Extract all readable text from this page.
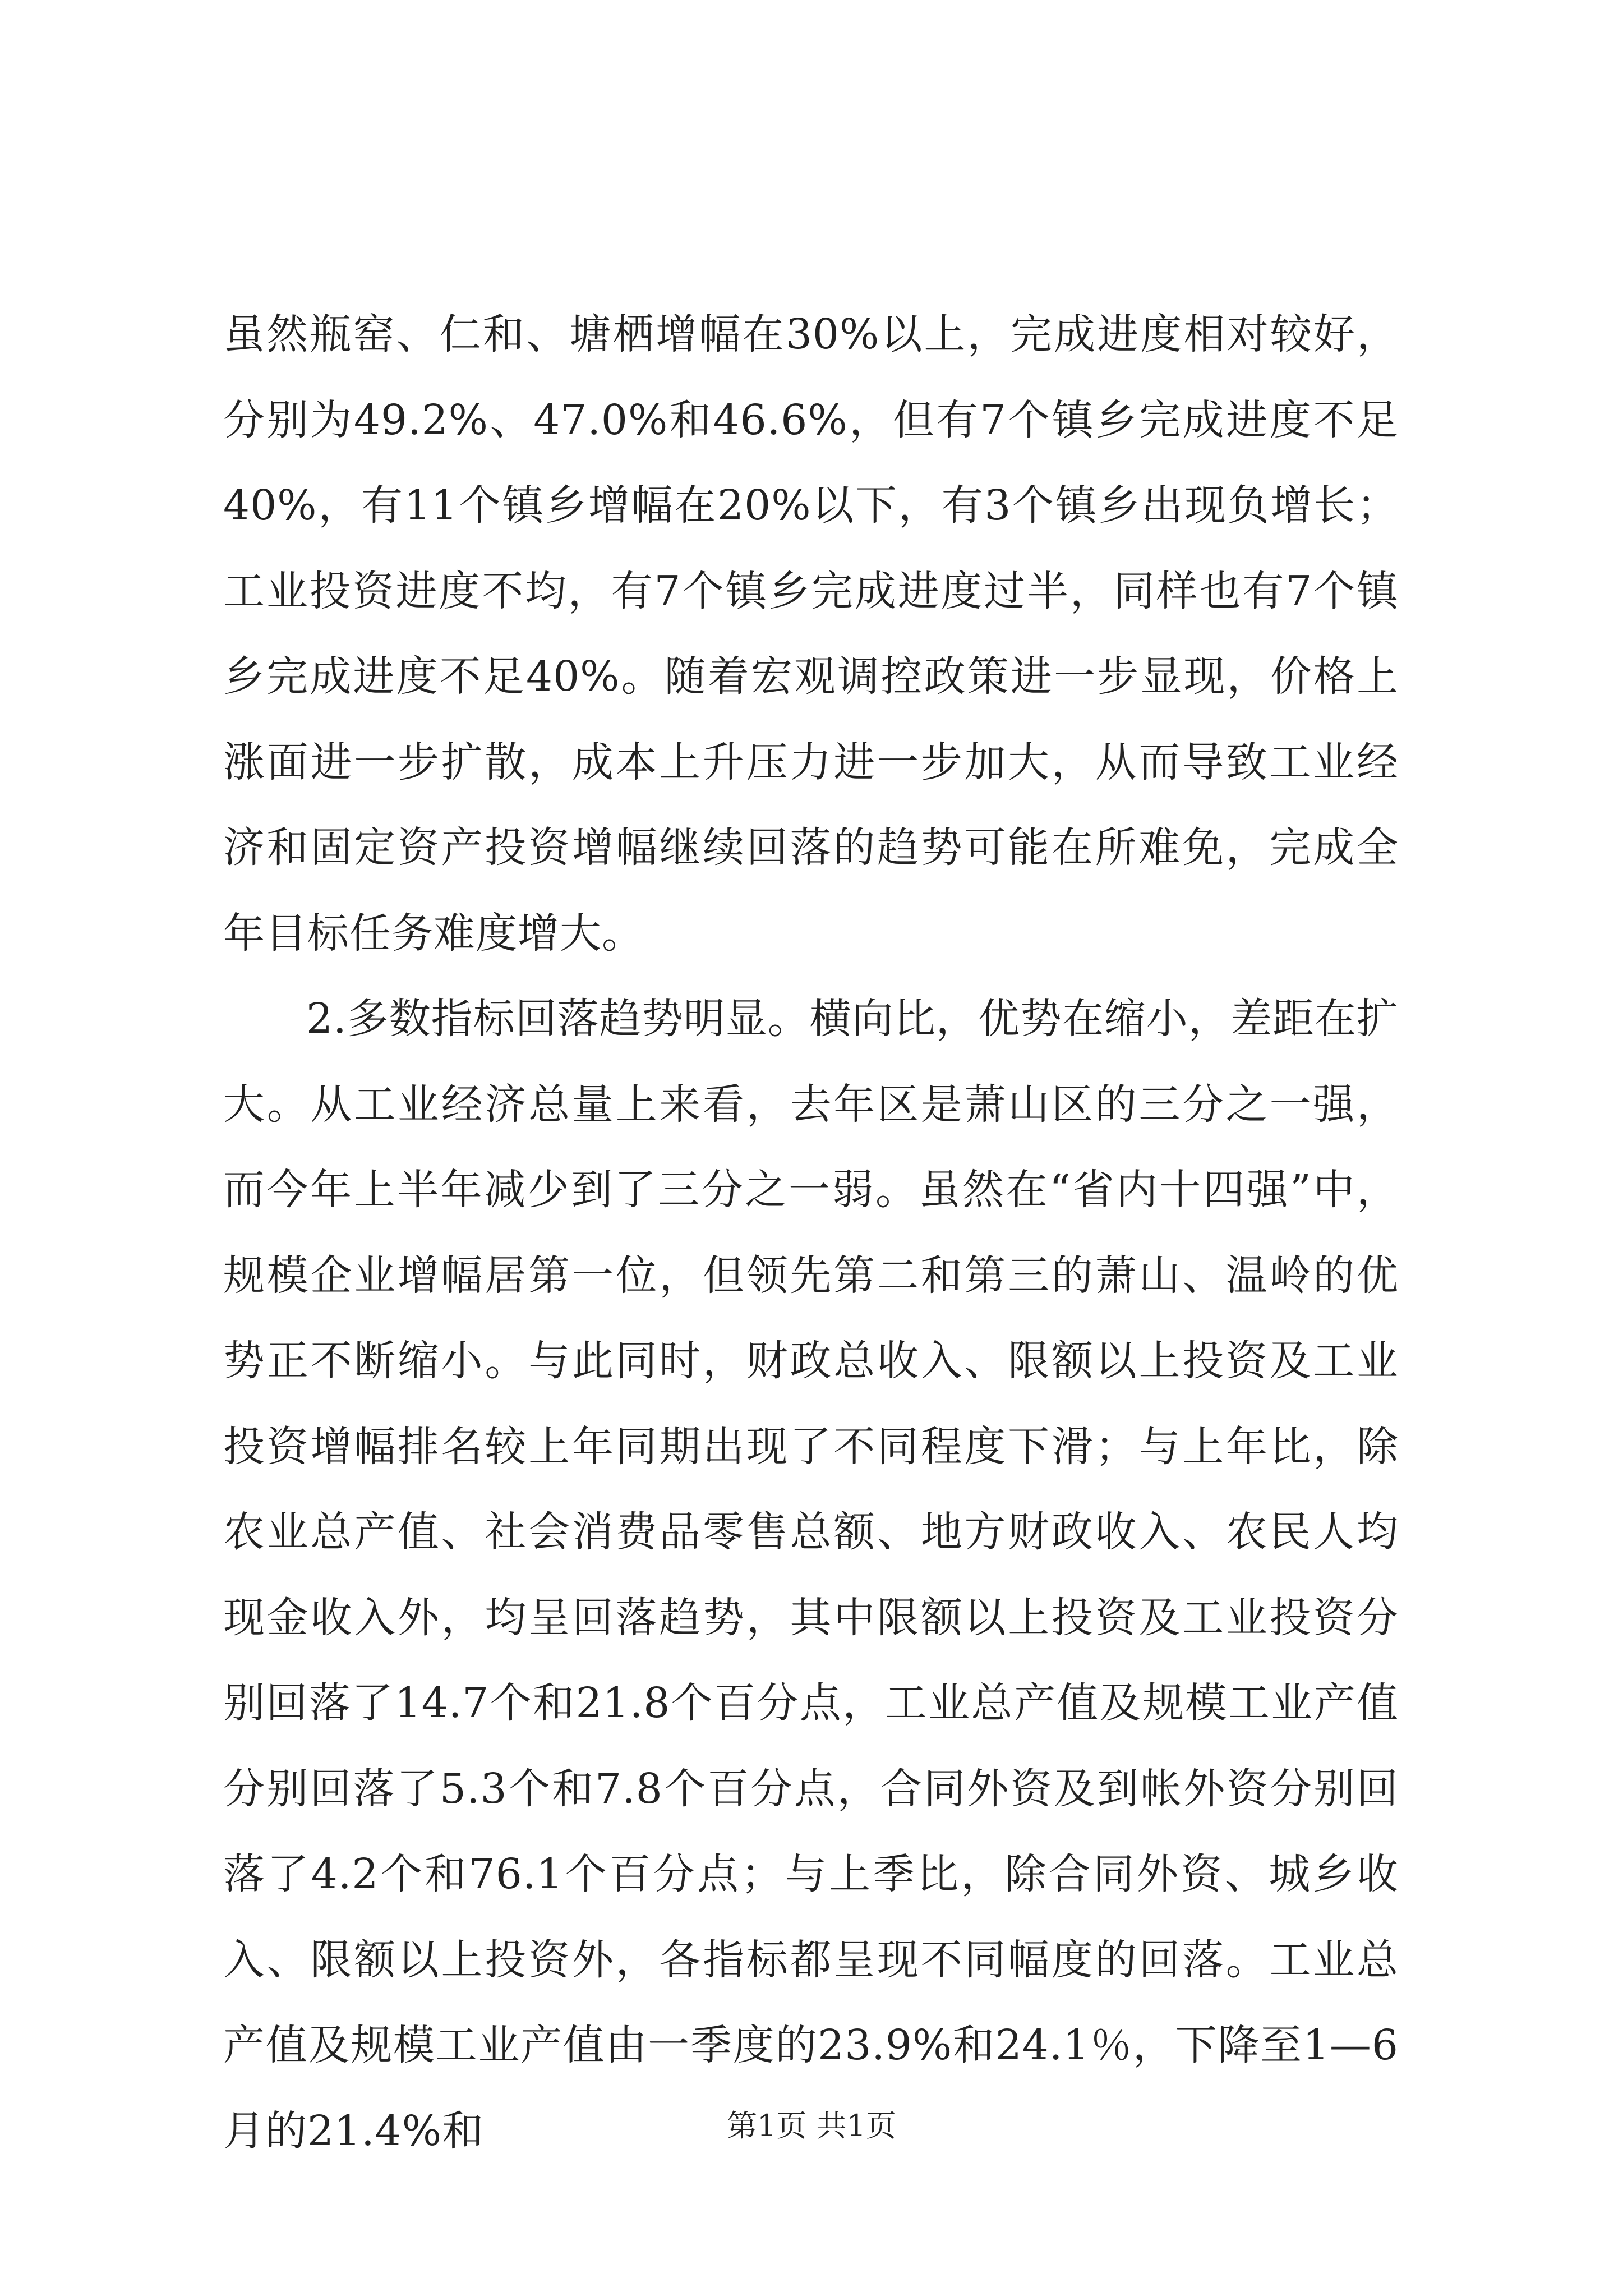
虽然瓶窑、仁和、塘栖增幅在30%以上，完成进度相对较好，分别为49.2%、47.0%和46.6%，但有7个镇乡完成进度不足40%，有11个镇乡增幅在20%以下，有3个镇乡出现负增长；工业投资进度不均，有7个镇乡完成进度过半，同样也有7个镇乡完成进度不足40%。随着宏观调控政策进一步显现，价格上涨面进一步扩散，成本上升压力进一步加大，从而导致工业经济和固定资产投资增幅继续回落的趋势可能在所难免，完成全年目标任务难度增大。

2.多数指标回落趋势明显。横向比，优势在缩小，差距在扩大。从工业经济总量上来看，去年区是萧山区的三分之一强，而今年上半年减少到了三分之一弱。虽然在“省内十四强”中，规模企业增幅居第一位，但领先第二和第三的萧山、温岭的优势正不断缩小。与此同时，财政总收入、限额以上投资及工业投资增幅排名较上年同期出现了不同程度下滑；与上年比，除农业总产值、社会消费品零售总额、地方财政收入、农民人均现金收入外，均呈回落趋势，其中限额以上投资及工业投资分别回落了14.7个和21.8个百分点，工业总产值及规模工业产值分别回落了5.3个和7.8个百分点，合同外资及到帐外资分别回落了4.2个和76.1个百分点；与上季比，除合同外资、城乡收入、限额以上投资外，各指标都呈现不同幅度的回落。工业总产值及规模工业产值由一季度的23.9%和24.1％，下降至1—6月的21.4%和	第1页 共1页
